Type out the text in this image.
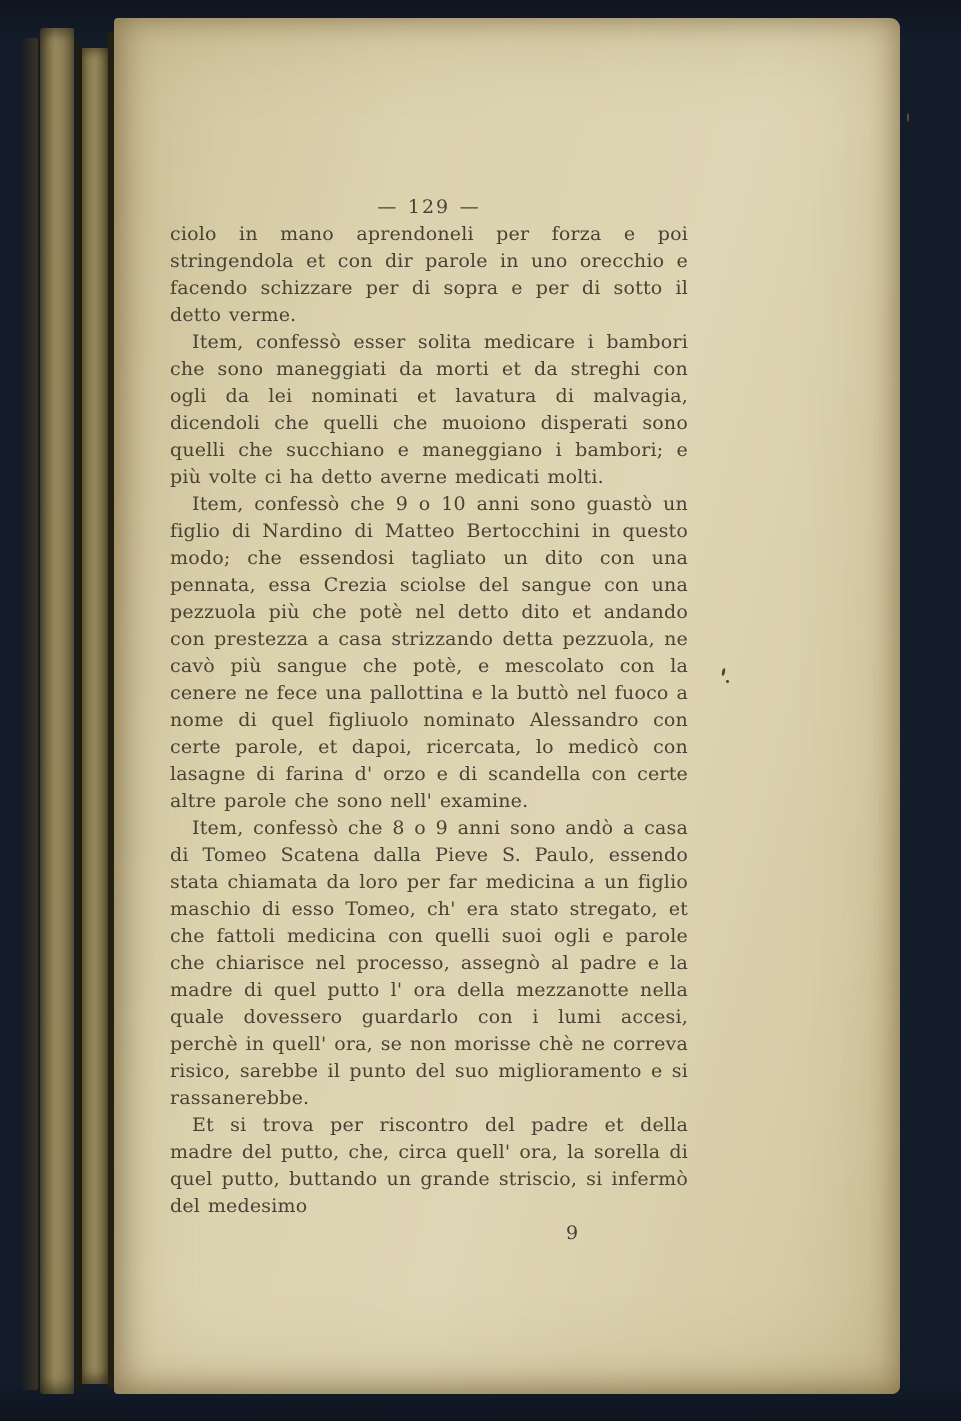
— 129 —

ciolo in mano aprendoneli per forza e poi stringendola et con dir parole in uno orecchio e facendo schizzare per di sopra e per di sotto il detto verme.

Item, confessò esser solita medicare i bambori che sono maneggiati da morti et da streghi con ogli da lei nominati et lavatura di malvagia, dicendoli che quelli che muoiono disperati sono quelli che succhiano e maneggiano i bambori; e più volte ci ha detto averne medicati molti.

Item, confessò che 9 o 10 anni sono guastò un figlio di Nardino di Matteo Bertocchini in questo modo; che essendosi tagliato un dito con una pennata, essa Crezia sciolse del sangue con una pezzuola più che potè nel detto dito et andando con prestezza a casa strizzando detta pezzuola, ne cavò più sangue che potè, e mescolato con la cenere ne fece una pallottina e la buttò nel fuoco a nome di quel figliuolo nominato Alessandro con certe parole, et dapoi, ricercata, lo medicò con lasagne di farina d' orzo e di scandella con certe altre parole che sono nell' examine.

Item, confessò che 8 o 9 anni sono andò a casa di Tomeo Scatena dalla Pieve S. Paulo, essendo stata chiamata da loro per far medicina a un figlio maschio di esso Tomeo, ch' era stato stregato, et che fattoli medicina con quelli suoi ogli e parole che chiarisce nel processo, assegnò al padre e la madre di quel putto l' ora della mezzanotte nella quale dovessero guardarlo con i lumi accesi, perchè in quell' ora, se non morisse chè ne correva risico, sarebbe il punto del suo miglioramento e si rassanerebbe.

Et si trova per riscontro del padre et della madre del putto, che, circa quell' ora, la sorella di quel putto, buttando un grande striscio, si infermò del medesimo

9
